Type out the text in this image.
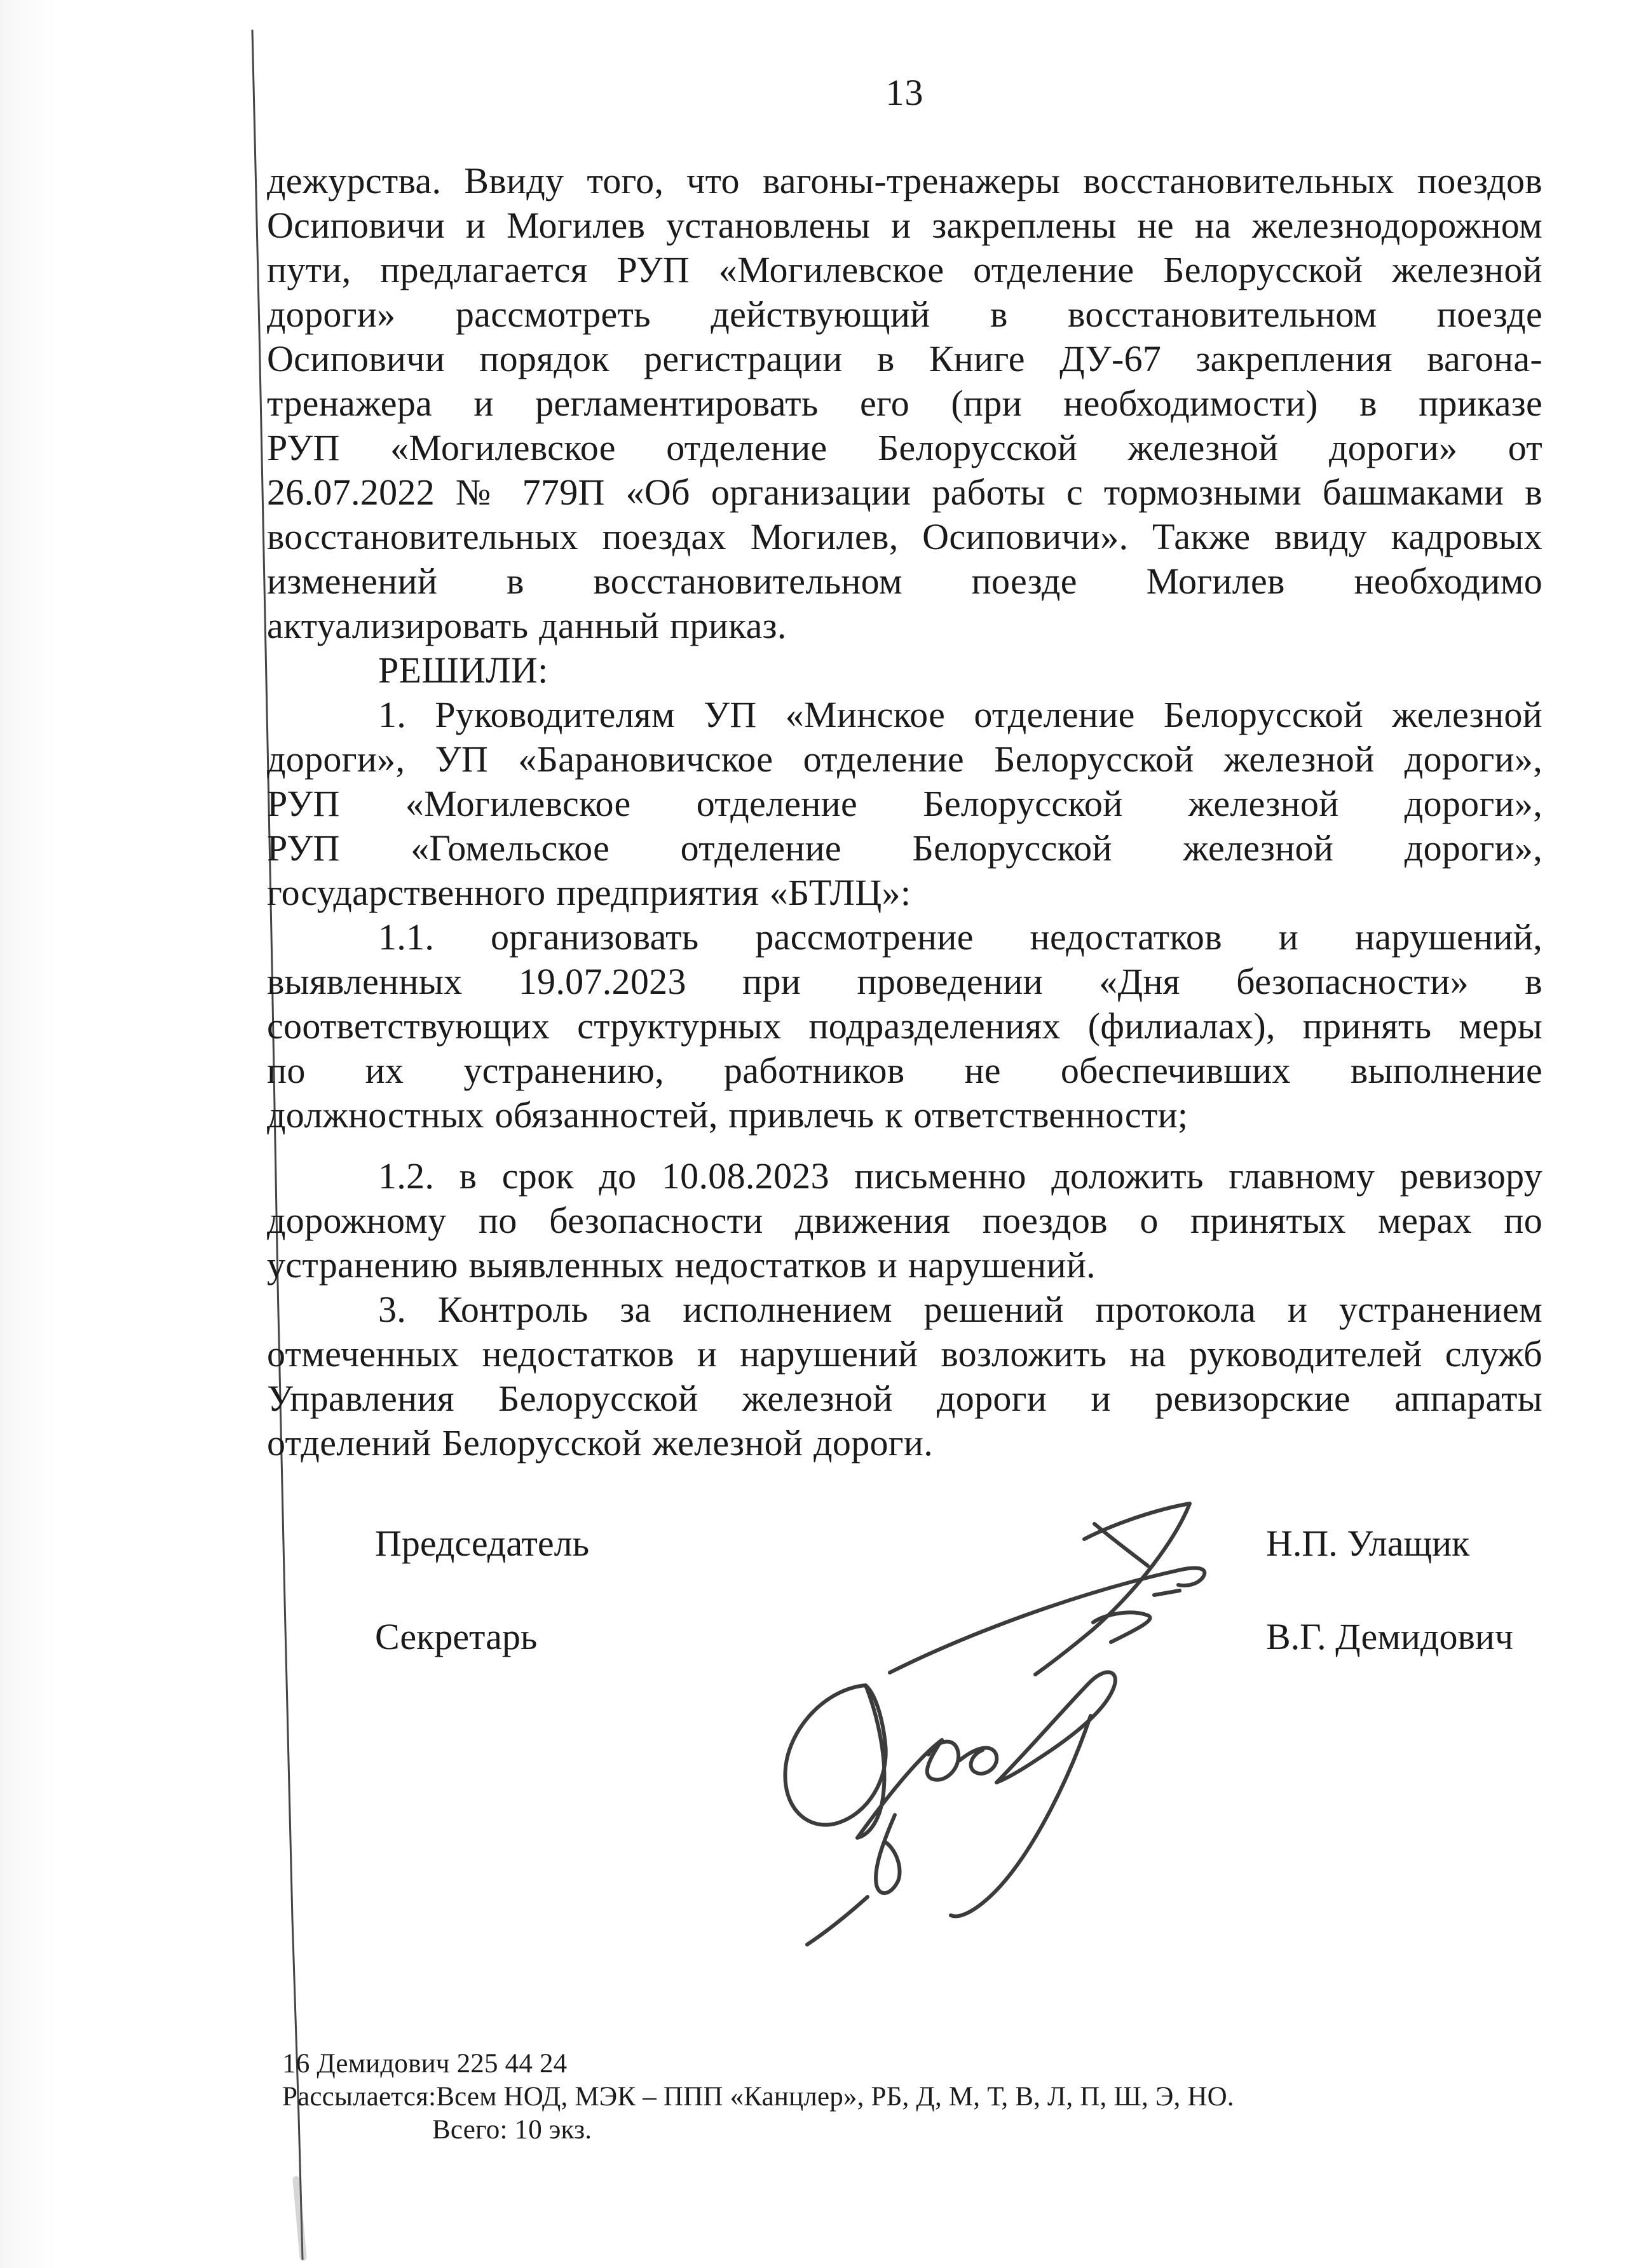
13
дежурства. Ввиду того, что вагоны-тренажеры восстановительных поездов
Осиповичи и Могилев установлены и закреплены не на железнодорожном
пути, предлагается РУП «Могилевское отделение Белорусской железной
дороги» рассмотреть действующий в восстановительном поезде
Осиповичи порядок регистрации в Книге ДУ-67 закрепления вагона-
тренажера и регламентировать его (при необходимости) в приказе
РУП «Могилевское отделение Белорусской железной дороги» от
26.07.2022 № 779П «Об организации работы с тормозными башмаками в
восстановительных поездах Могилев, Осиповичи». Также ввиду кадровых
изменений в восстановительном поезде Могилев необходимо
актуализировать данный приказ.
РЕШИЛИ:
1. Руководителям УП «Минское отделение Белорусской железной
дороги», УП «Барановичское отделение Белорусской железной дороги»,
РУП «Могилевское отделение Белорусской железной дороги»,
РУП «Гомельское отделение Белорусской железной дороги»,
государственного предприятия «БТЛЦ»:
1.1. организовать рассмотрение недостатков и нарушений,
выявленных 19.07.2023 при проведении «Дня безопасности» в
соответствующих структурных подразделениях (филиалах), принять меры
по их устранению, работников не обеспечивших выполнение
должностных обязанностей, привлечь к ответственности;
1.2. в срок до 10.08.2023 письменно доложить главному ревизору
дорожному по безопасности движения поездов о принятых мерах по
устранению выявленных недостатков и нарушений.
3. Контроль за исполнением решений протокола и устранением
отмеченных недостатков и нарушений возложить на руководителей служб
Управления Белорусской железной дороги и ревизорские аппараты
отделений Белорусской железной дороги.
Председатель	Н.П. Улащик
Секретарь	В.Г. Демидович
16 Демидович 225 44 24
Рассылается: Всем НОД, МЭК – ППП «Канцлер», РБ, Д, М, Т, В, Л, П, Ш, Э, НО.
Всего: 10 экз.
